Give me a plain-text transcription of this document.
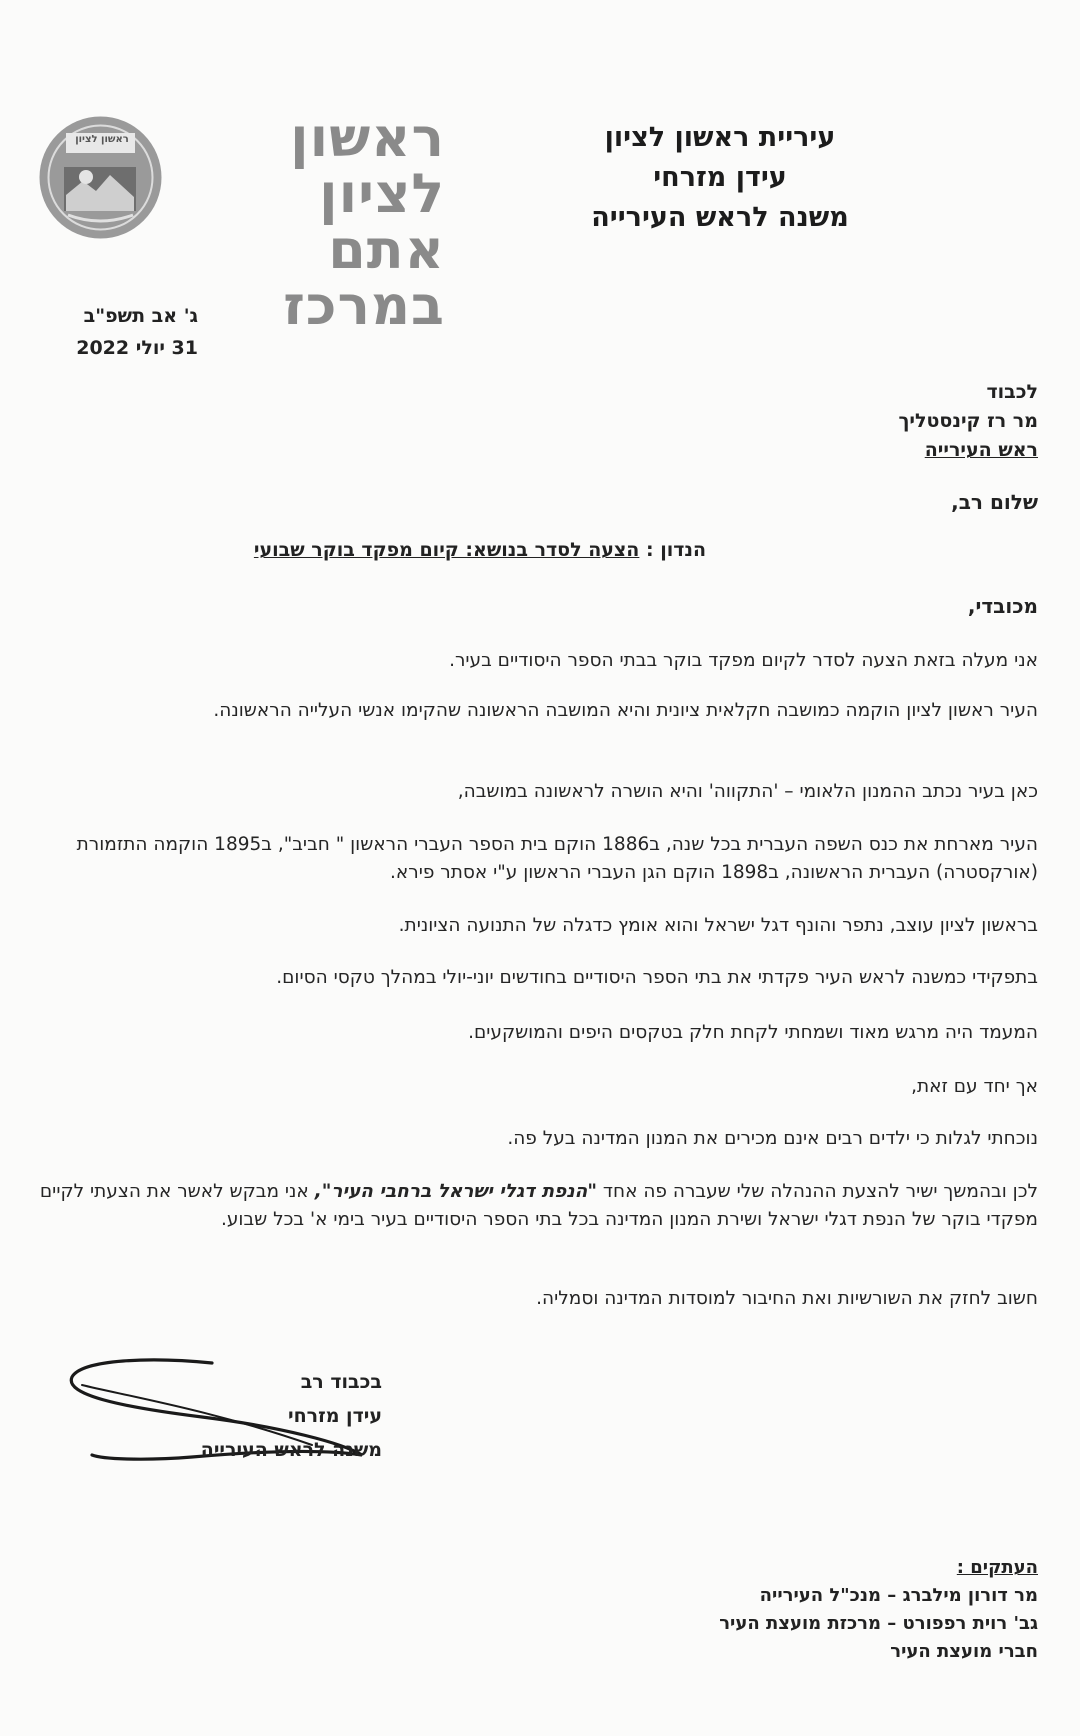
ראשון לציון	ראשון לציון
אתם במרכז
עיריית ראשון לציון
עידן מזרחי
משנה לראש העירייה
ג' אב תשפ"ב
31 יולי 2022
לכבוד
מר רז קינסטליך
ראש העירייה
שלום רב,
הנדון : הצעה לסדר בנושא: קיום מפקד בוקר שבועי
מכובדי,
אני מעלה בזאת הצעה לסדר לקיום מפקד בוקר בבתי הספר היסודיים בעיר.
העיר ראשון לציון הוקמה כמושבה חקלאית ציונית והיא המושבה הראשונה שהקימו אנשי העלייה הראשונה.
כאן בעיר נכתב ההמנון הלאומי – 'התקווה' והיא הושרה לראשונה במושבה,
העיר מארחת את כנס השפה העברית בכל שנה, ב1886 הוקם בית הספר העברי הראשון " חביב", ב1895 הוקמה התזמורת (אורקסטרה) העברית הראשונה, ב1898 הוקם הגן העברי הראשון ע"י אסתר פירא.
בראשון לציון עוצב, נתפר והונף דגל ישראל והוא אומץ כדגלה של התנועה הציונית.
בתפקידי כמשנה לראש העיר פקדתי את בתי הספר היסודיים בחודשים יוני-יולי במהלך טקסי הסיום.
המעמד היה מרגש מאוד ושמחתי לקחת חלק בטקסים היפים והמושקעים.
אך יחד עם זאת,
נוכחתי לגלות כי ילדים רבים אינם מכירים את המנון המדינה בעל פה.
לכן ובהמשך ישיר להצעת ההנהלה שלי שעברה פה אחד "הנפת דגלי ישראל ברחבי העיר", אני מבקש לאשר את הצעתי לקיים מפקדי בוקר של הנפת דגלי ישראל ושירת המנון המדינה בכל בתי הספר היסודיים בעיר בימי א' בכל שבוע.
חשוב לחזק את השורשיות ואת החיבור למוסדות המדינה וסמליה.
בכבוד רב
עידן מזרחי
משנה לראש העירייה
העתקים :
מר דורון מילברג – מנכ"ל העירייה
גב' רוית רפפורט – מרכזת מועצת העיר
חברי מועצת העיר
